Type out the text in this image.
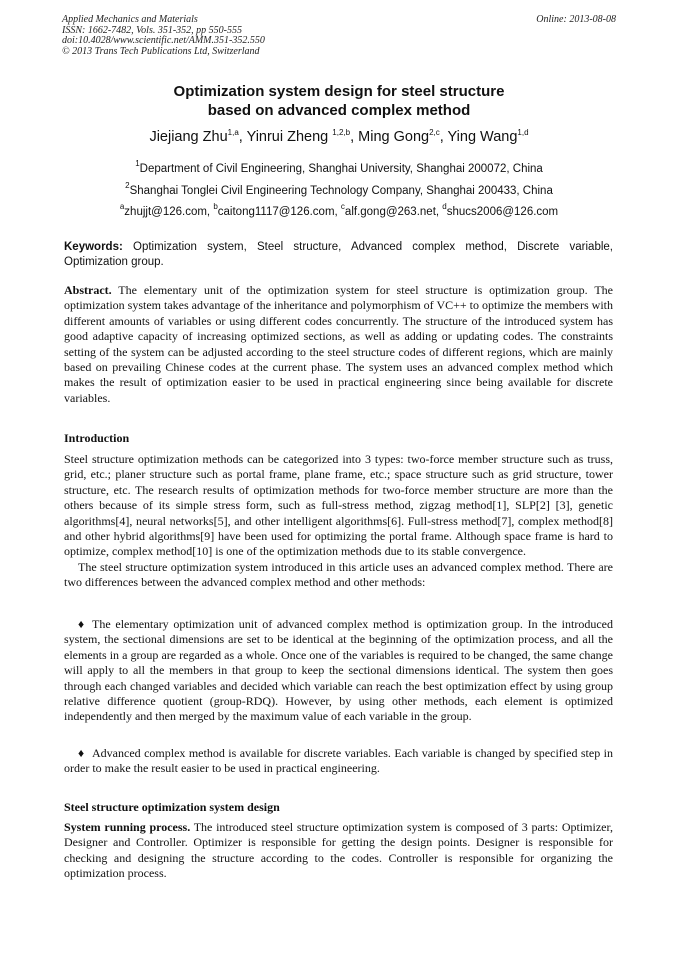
Applied Mechanics and Materials
ISSN: 1662-7482, Vols. 351-352, pp 550-555
doi:10.4028/www.scientific.net/AMM.351-352.550
© 2013 Trans Tech Publications Ltd, Switzerland
Online: 2013-08-08
Optimization system design for steel structure
based on advanced complex method
Jiejiang Zhu$^{1,a}$, Yinrui Zheng $^{1,2,b}$, Ming Gong$^{2,c}$, Ying Wang$^{1,d}$
$^1$Department of Civil Engineering, Shanghai University, Shanghai 200072, China
$^2$Shanghai Tonglei Civil Engineering Technology Company, Shanghai 200433, China
$^a$zhujjt@126.com, $^b$caitong1117@126.com, $^c$alf.gong@263.net, $^d$shucs2006@126.com
Keywords: Optimization system, Steel structure, Advanced complex method, Discrete variable, Optimization group.

Abstract. The elementary unit of the optimization system for steel structure is optimization group. The optimization system takes advantage of the inheritance and polymorphism of VC++ to optimize the members with different amounts of variables or using different codes concurrently. The structure of the introduced system has good adaptive capacity of increasing optimized sections, as well as adding or updating codes. The constraints setting of the system can be adjusted according to the steel structure codes of different regions, which are mainly based on prevailing Chinese codes at the current phase. The system uses an advanced complex method which makes the result of optimization easier to be used in practical engineering since being available for discrete variables.

Introduction

Steel structure optimization methods can be categorized into 3 types: two-force member structure such as truss, grid, etc.; planer structure such as portal frame, plane frame, etc.; space structure such as grid structure, tower structure, etc. The research results of optimization methods for two-force member structure are more than the others because of its simple stress form, such as full-stress method, zigzag method[1], SLP[2] [3], genetic algorithms[4], neural networks[5], and other intelligent algorithms[6]. Full-stress method[7], complex method[8] and other hybrid algorithms[9] have been used for optimizing the portal frame. Although space frame is hard to optimize, complex method[10] is one of the optimization methods due to its stable convergence.

The steel structure optimization system introduced in this article uses an advanced complex method. There are two differences between the advanced complex method and other methods:

♦ The elementary optimization unit of advanced complex method is optimization group. In the introduced system, the sectional dimensions are set to be identical at the beginning of the optimization process, and all the elements in a group are regarded as a whole. Once one of the variables is required to be changed, the same change will apply to all the members in that group to keep the sectional dimensions identical. The system then goes through each changed variables and decided which variable can reach the best optimization effect by using group relative difference quotient (group-RDQ). However, by using other methods, each element is optimized independently and then merged by the maximum value of each variable in the group.

♦ Advanced complex method is available for discrete variables. Each variable is changed by specified step in order to make the result easier to be used in practical engineering.

Steel structure optimization system design

System running process. The introduced steel structure optimization system is composed of 3 parts: Optimizer, Designer and Controller. Optimizer is responsible for getting the design points. Designer is responsible for checking and designing the structure according to the codes. Controller is responsible for organizing the optimization process.
